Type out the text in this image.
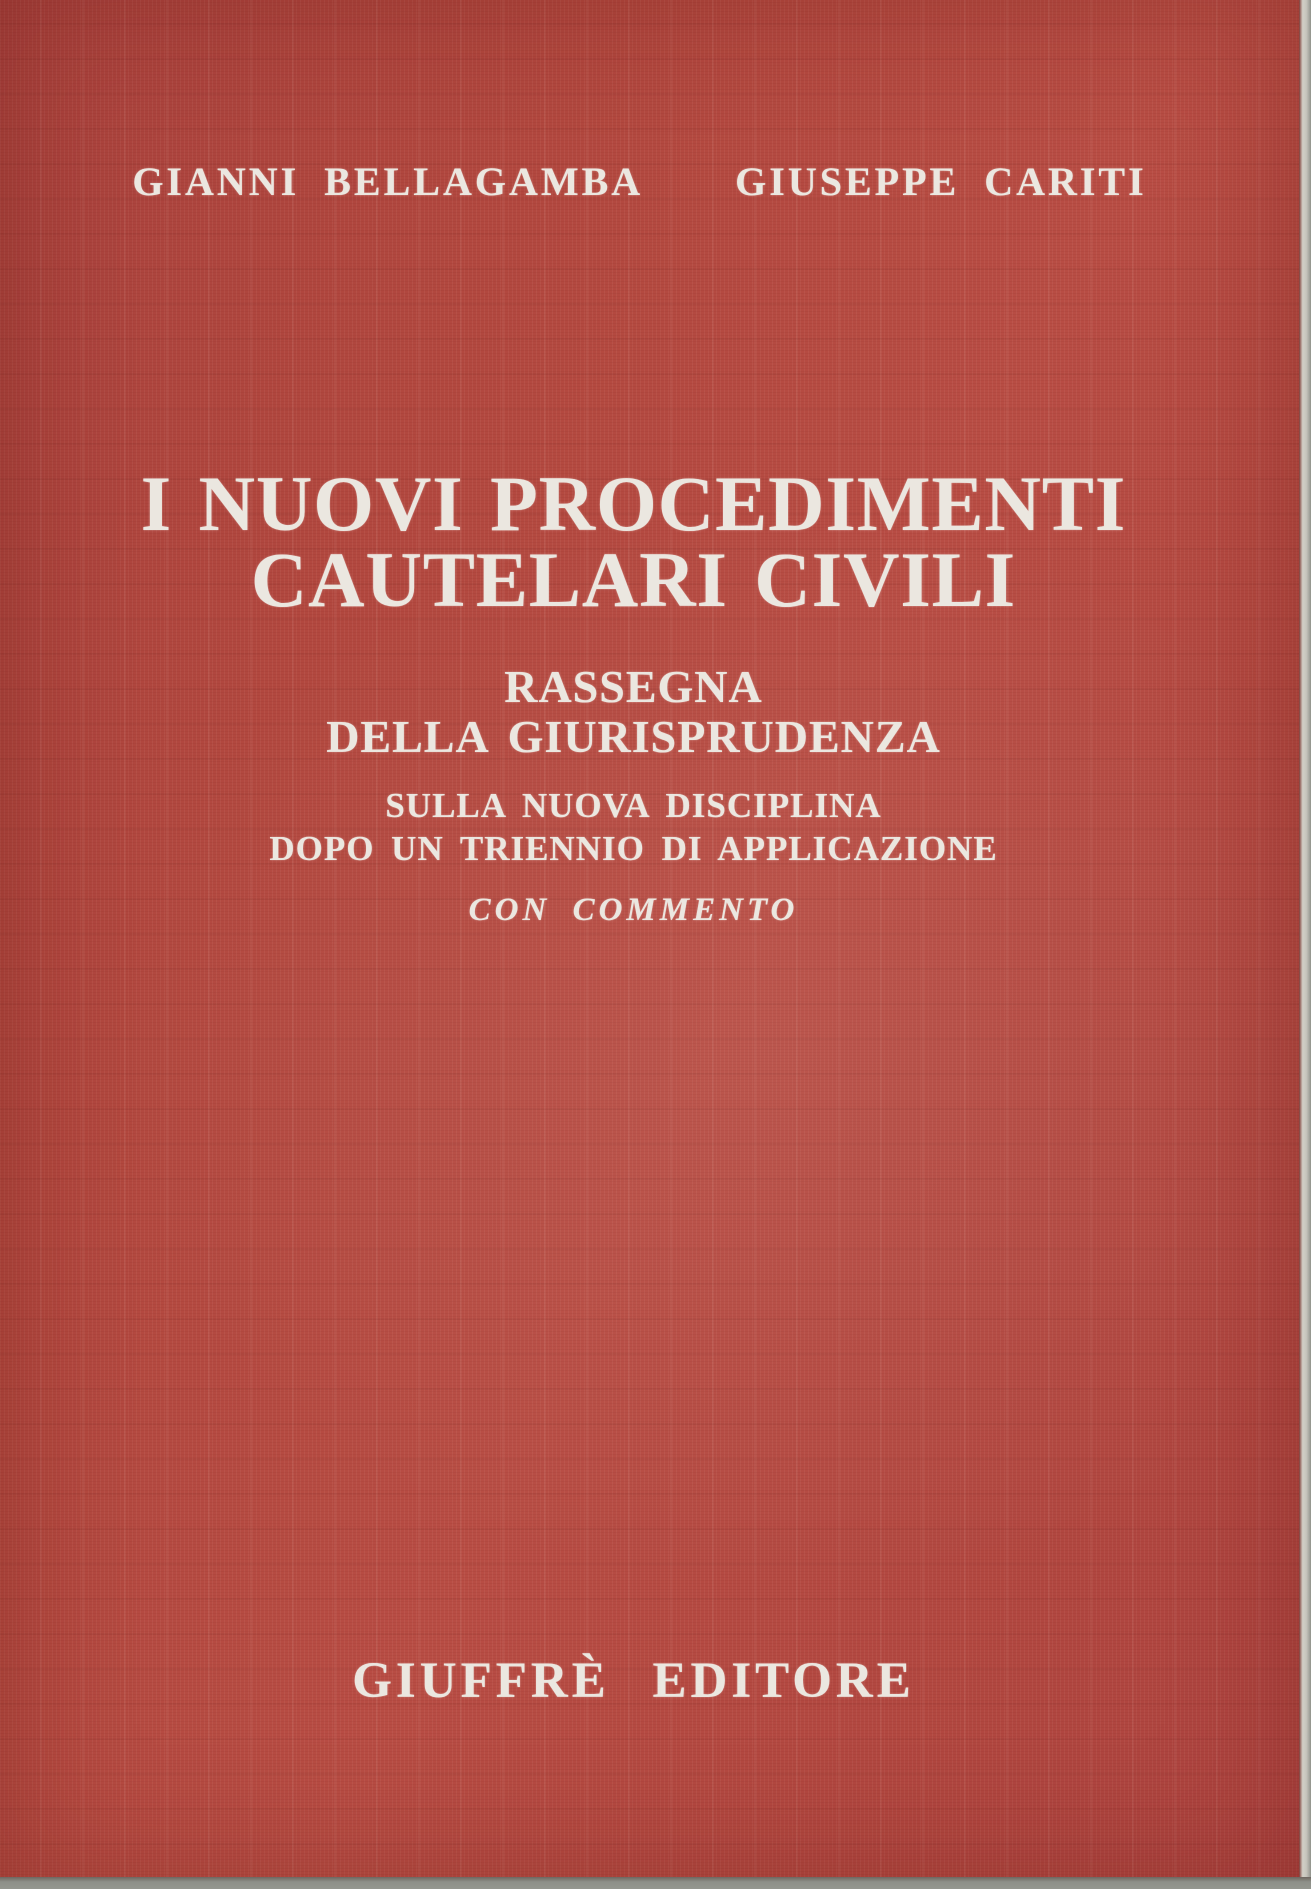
GIANNI BELLAGAMBA GIUSEPPE CARITI
I NUOVI PROCEDIMENTI
CAUTELARI CIVILI
RASSEGNA
DELLA GIURISPRUDENZA
SULLA NUOVA DISCIPLINA
DOPO UN TRIENNIO DI APPLICAZIONE
CON COMMENTO
GIUFFRÈ EDITORE
